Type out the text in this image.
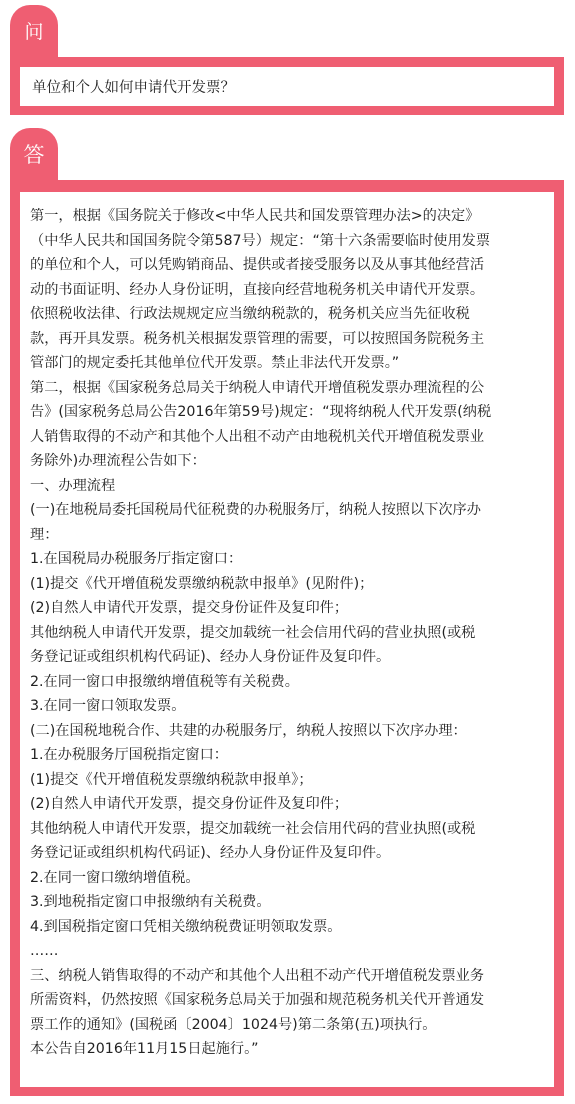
问
单位和个人如何申请代开发票？
答

第一，根据《国务院关于修改<中华人民共和国发票管理办法>的决定》

（中华人民共和国国务院令第587号）规定：“第十六条需要临时使用发票

的单位和个人，可以凭购销商品、提供或者接受服务以及从事其他经营活

动的书面证明、经办人身份证明，直接向经营地税务机关申请代开发票。

依照税收法律、行政法规规定应当缴纳税款的，税务机关应当先征收税

款，再开具发票。税务机关根据发票管理的需要，可以按照国务院税务主

管部门的规定委托其他单位代开发票。禁止非法代开发票。”

第二，根据《国家税务总局关于纳税人申请代开增值税发票办理流程的公

告》(国家税务总局公告2016年第59号)规定：“现将纳税人代开发票(纳税

人销售取得的不动产和其他个人出租不动产由地税机关代开增值税发票业

务除外)办理流程公告如下：

一、办理流程

(一)在地税局委托国税局代征税费的办税服务厅，纳税人按照以下次序办

理：

1.在国税局办税服务厅指定窗口：

(1)提交《代开增值税发票缴纳税款申报单》(见附件)；

(2)自然人申请代开发票，提交身份证件及复印件；

其他纳税人申请代开发票，提交加载统一社会信用代码的营业执照(或税

务登记证或组织机构代码证)、经办人身份证件及复印件。

2.在同一窗口申报缴纳增值税等有关税费。

3.在同一窗口领取发票。

(二)在国税地税合作、共建的办税服务厅，纳税人按照以下次序办理：

1.在办税服务厅国税指定窗口：

(1)提交《代开增值税发票缴纳税款申报单》；

(2)自然人申请代开发票，提交身份证件及复印件；

其他纳税人申请代开发票，提交加载统一社会信用代码的营业执照(或税

务登记证或组织机构代码证)、经办人身份证件及复印件。

2.在同一窗口缴纳增值税。

3.到地税指定窗口申报缴纳有关税费。

4.到国税指定窗口凭相关缴纳税费证明领取发票。

……

三、纳税人销售取得的不动产和其他个人出租不动产代开增值税发票业务

所需资料，仍然按照《国家税务总局关于加强和规范税务机关代开普通发

票工作的通知》(国税函〔2004〕1024号)第二条第(五)项执行。

本公告自2016年11月15日起施行。”
